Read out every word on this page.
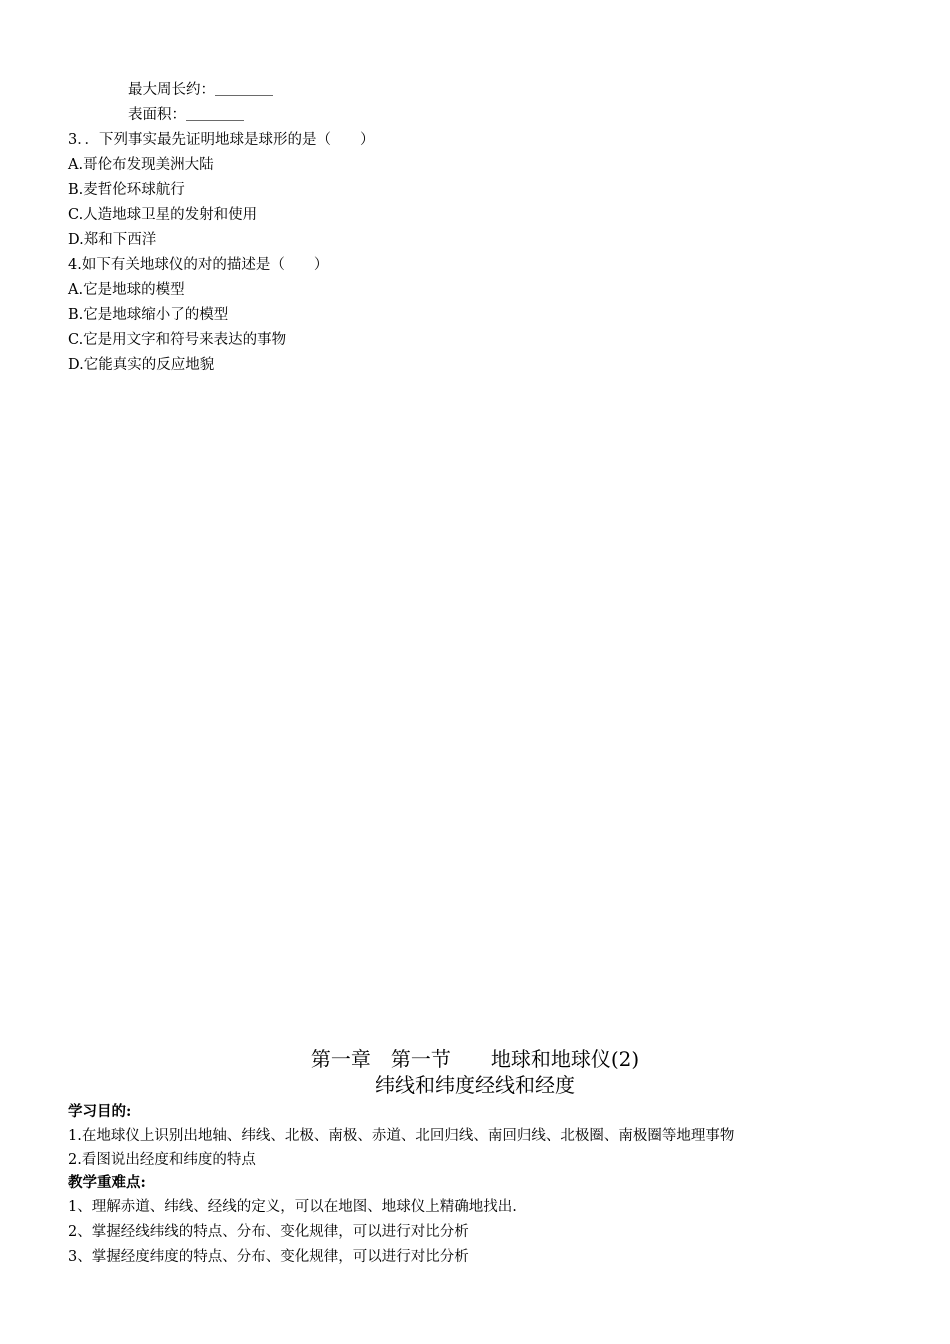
最大周长约：＿＿＿＿
表面积：＿＿＿＿
3．．下列事实最先证明地球是球形的是（　　）
A.哥伦布发现美洲大陆
B.麦哲伦环球航行
C.人造地球卫星的发射和使用
D.郑和下西洋
4.如下有关地球仪的对的描述是（　　）
A.它是地球的模型
B.它是地球缩小了的模型
C.它是用文字和符号来表达的事物
D.它能真实的反应地貌
第一章　第一节　　地球和地球仪(2)
纬线和纬度经线和经度
学习目的:
1.在地球仪上识别出地轴、纬线、北极、南极、赤道、北回归线、南回归线、北极圈、南极圈等地理事物
2.看图说出经度和纬度的特点
教学重难点:
1、理解赤道、纬线、经线的定义，可以在地图、地球仪上精确地找出.
2、掌握经线纬线的特点、分布、变化规律，可以进行对比分析
3、掌握经度纬度的特点、分布、变化规律，可以进行对比分析
